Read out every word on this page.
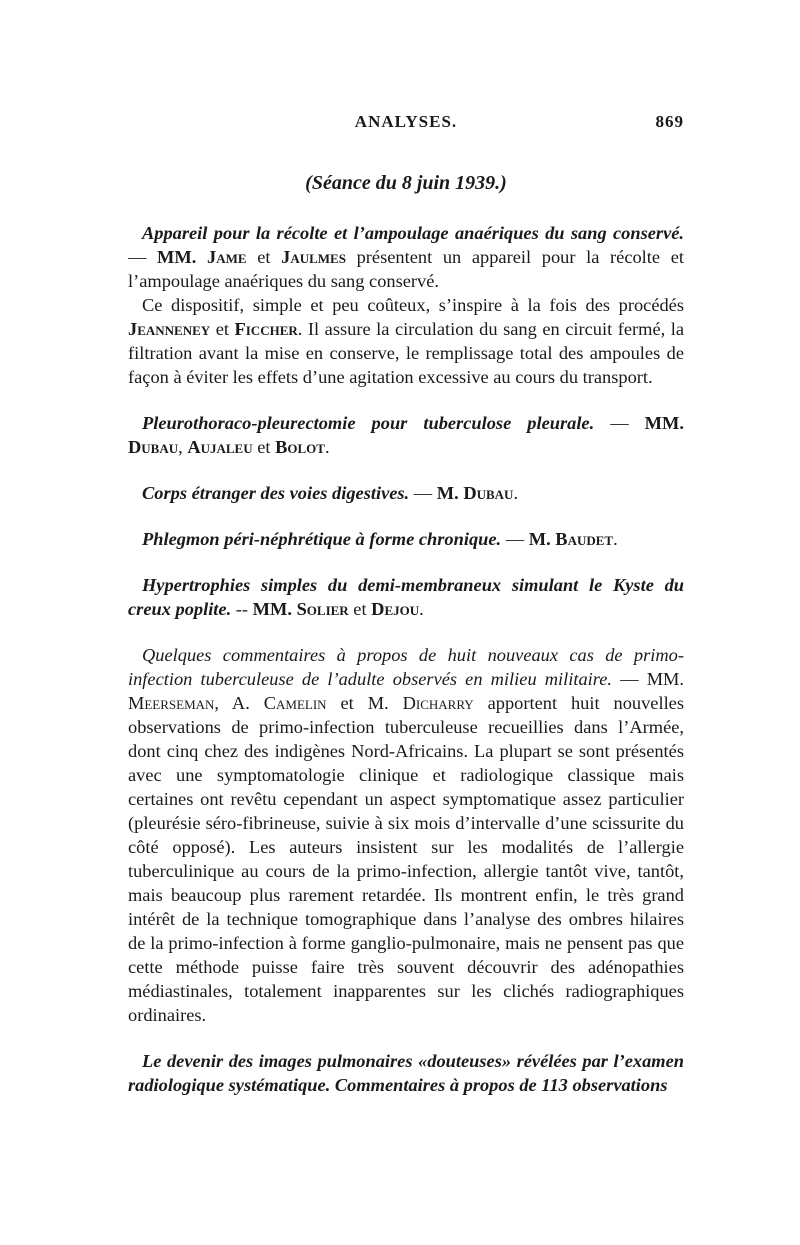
ANALYSES.	869
(Séance du 8 juin 1939.)

Appareil pour la récolte et l’ampoulage anaériques du sang conservé. — MM. Jame et Jaulmes présentent un appareil pour la récolte et l’ampoulage anaériques du sang conservé.

Ce dispositif, simple et peu coûteux, s’inspire à la fois des procédés Jeanneney et Ficcher. Il assure la circulation du sang en circuit fermé, la filtration avant la mise en conserve, le remplissage total des ampoules de façon à éviter les effets d’une agitation excessive au cours du transport.

Pleurothoraco-pleurectomie pour tuberculose pleurale. — MM. Dubau, Aujaleu et Bolot.

Corps étranger des voies digestives. — M. Dubau.

Phlegmon péri-néphrétique à forme chronique. — M. Baudet.

Hypertrophies simples du demi-membraneux simulant le Kyste du creux poplite. -- MM. Solier et Dejou.

Quelques commentaires à propos de huit nouveaux cas de primo-infection tuberculeuse de l’adulte observés en milieu militaire. — MM. Meerseman, A. Camelin et M. Dicharry apportent huit nouvelles observations de primo-infection tuberculeuse recueillies dans l’Armée, dont cinq chez des indigènes Nord-Africains. La plupart se sont présentés avec une symptomatologie clinique et radiologique classique mais certaines ont revêtu cependant un aspect symptomatique assez particulier (pleurésie séro-fibrineuse, suivie à six mois d’intervalle d’une scissurite du côté opposé). Les auteurs insistent sur les modalités de l’allergie tuberculinique au cours de la primo-infection, allergie tantôt vive, tantôt, mais beaucoup plus rarement retardée. Ils montrent enfin, le très grand intérêt de la technique tomographique dans l’analyse des ombres hilaires de la primo-infection à forme ganglio-pulmonaire, mais ne pensent pas que cette méthode puisse faire très souvent découvrir des adénopathies médiastinales, totalement inapparentes sur les clichés radiographiques ordinaires.

Le devenir des images pulmonaires «douteuses» révélées par l’examen radiologique systématique. Commentaires à propos de 113 observations
